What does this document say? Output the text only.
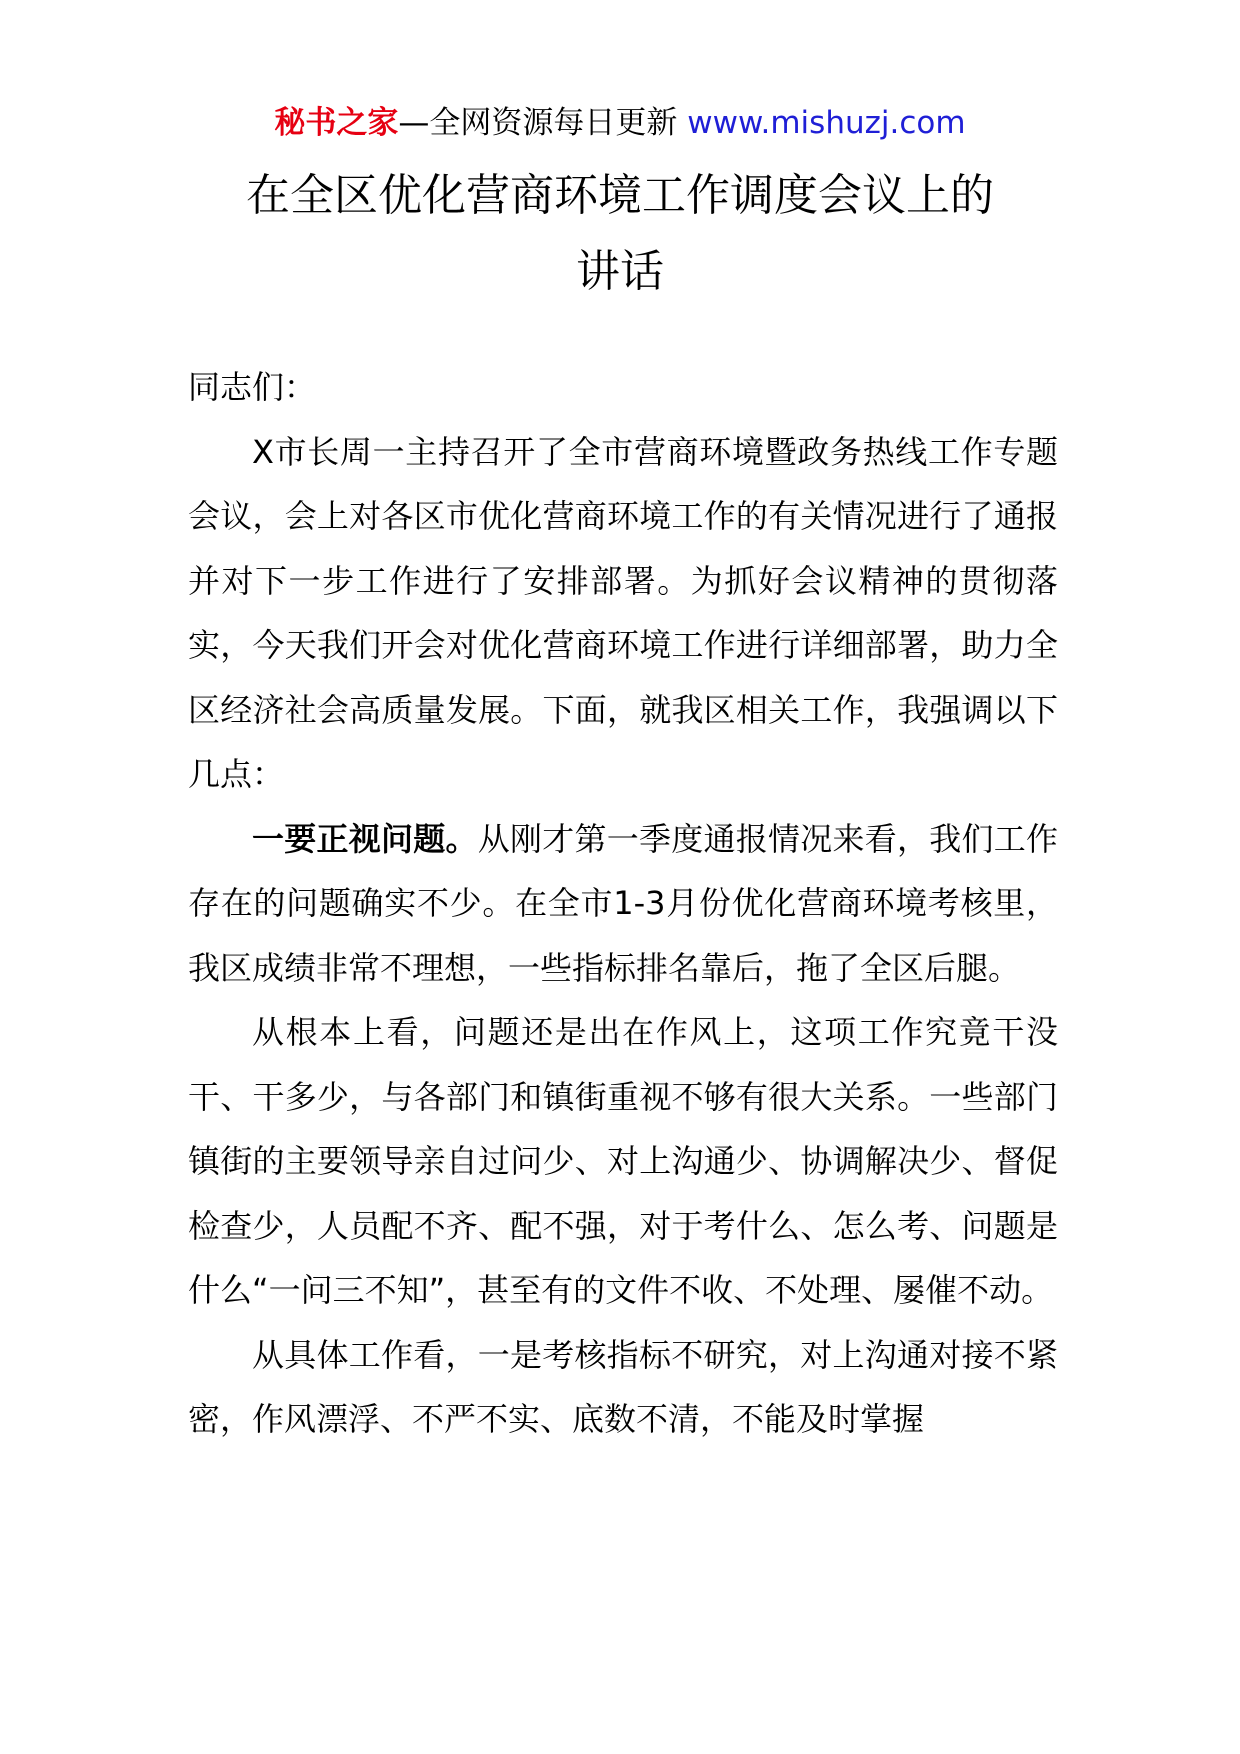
秘书之家—全网资源每日更新 www.mishuzj.com
在全区优化营商环境工作调度会议上的
讲话

同志们：

X市长周一主持召开了全市营商环境暨政务热线工作专题会议，会上对各区市优化营商环境工作的有关情况进行了通报并对下一步工作进行了安排部署。为抓好会议精神的贯彻落实，今天我们开会对优化营商环境工作进行详细部署，助力全区经济社会高质量发展。下面，就我区相关工作，我强调以下几点：

一要正视问题。从刚才第一季度通报情况来看，我们工作存在的问题确实不少。在全市1-3月份优化营商环境考核里，我区成绩非常不理想，一些指标排名靠后，拖了全区后腿。

从根本上看，问题还是出在作风上，这项工作究竟干没干、干多少，与各部门和镇街重视不够有很大关系。一些部门镇街的主要领导亲自过问少、对上沟通少、协调解决少、督促检查少，人员配不齐、配不强，对于考什么、怎么考、问题是什么“一问三不知”，甚至有的文件不收、不处理、屡催不动。

从具体工作看，一是考核指标不研究，对上沟通对接不紧密，作风漂浮、不严不实、底数不清，不能及时掌握
